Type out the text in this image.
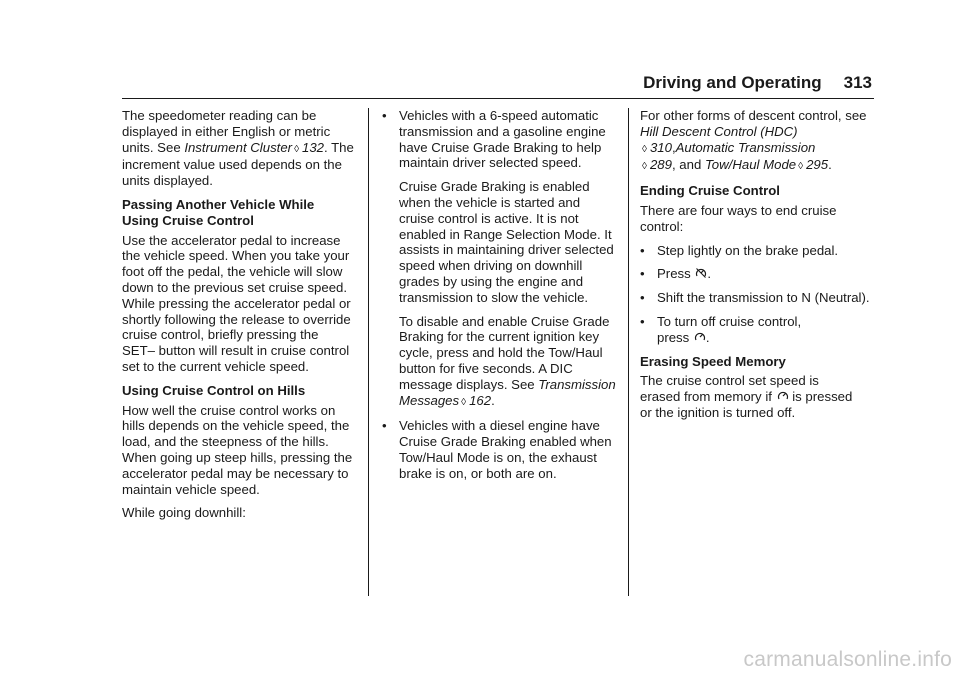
Driving and Operating 313

The speedometer reading can be displayed in either English or metric units. See Instrument Cluster ◊ 132. The increment value used depends on the units displayed.

Passing Another Vehicle While Using Cruise Control

Use the accelerator pedal to increase the vehicle speed. When you take your foot off the pedal, the vehicle will slow down to the previous set cruise speed. While pressing the accelerator pedal or shortly following the release to override cruise control, briefly pressing the SET– button will result in cruise control set to the current vehicle speed.

Using Cruise Control on Hills

How well the cruise control works on hills depends on the vehicle speed, the load, and the steepness of the hills. When going up steep hills, pressing the accelerator pedal may be necessary to maintain vehicle speed.

While going downhill:

• Vehicles with a 6-speed automatic transmission and a gasoline engine have Cruise Grade Braking to help maintain driver selected speed.

Cruise Grade Braking is enabled when the vehicle is started and cruise control is active. It is not enabled in Range Selection Mode. It assists in maintaining driver selected speed when driving on downhill grades by using the engine and transmission to slow the vehicle.

To disable and enable Cruise Grade Braking for the current ignition key cycle, press and hold the Tow/Haul button for five seconds. A DIC message displays. See Transmission Messages ◊ 162.

• Vehicles with a diesel engine have Cruise Grade Braking enabled when Tow/Haul Mode is on, the exhaust brake is on, or both are on.

For other forms of descent control, see Hill Descent Control (HDC)
◊ 310,Automatic Transmission
◊ 289, and Tow/Haul Mode ◊ 295.

Ending Cruise Control

There are four ways to end cruise control:

• Step lightly on the brake pedal.
• Press .
• Shift the transmission to N (Neutral).
• To turn off cruise control,
press .

Erasing Speed Memory

The cruise control set speed is
erased from memory if  is pressed
or the ignition is turned off.

carmanualsonline.info
